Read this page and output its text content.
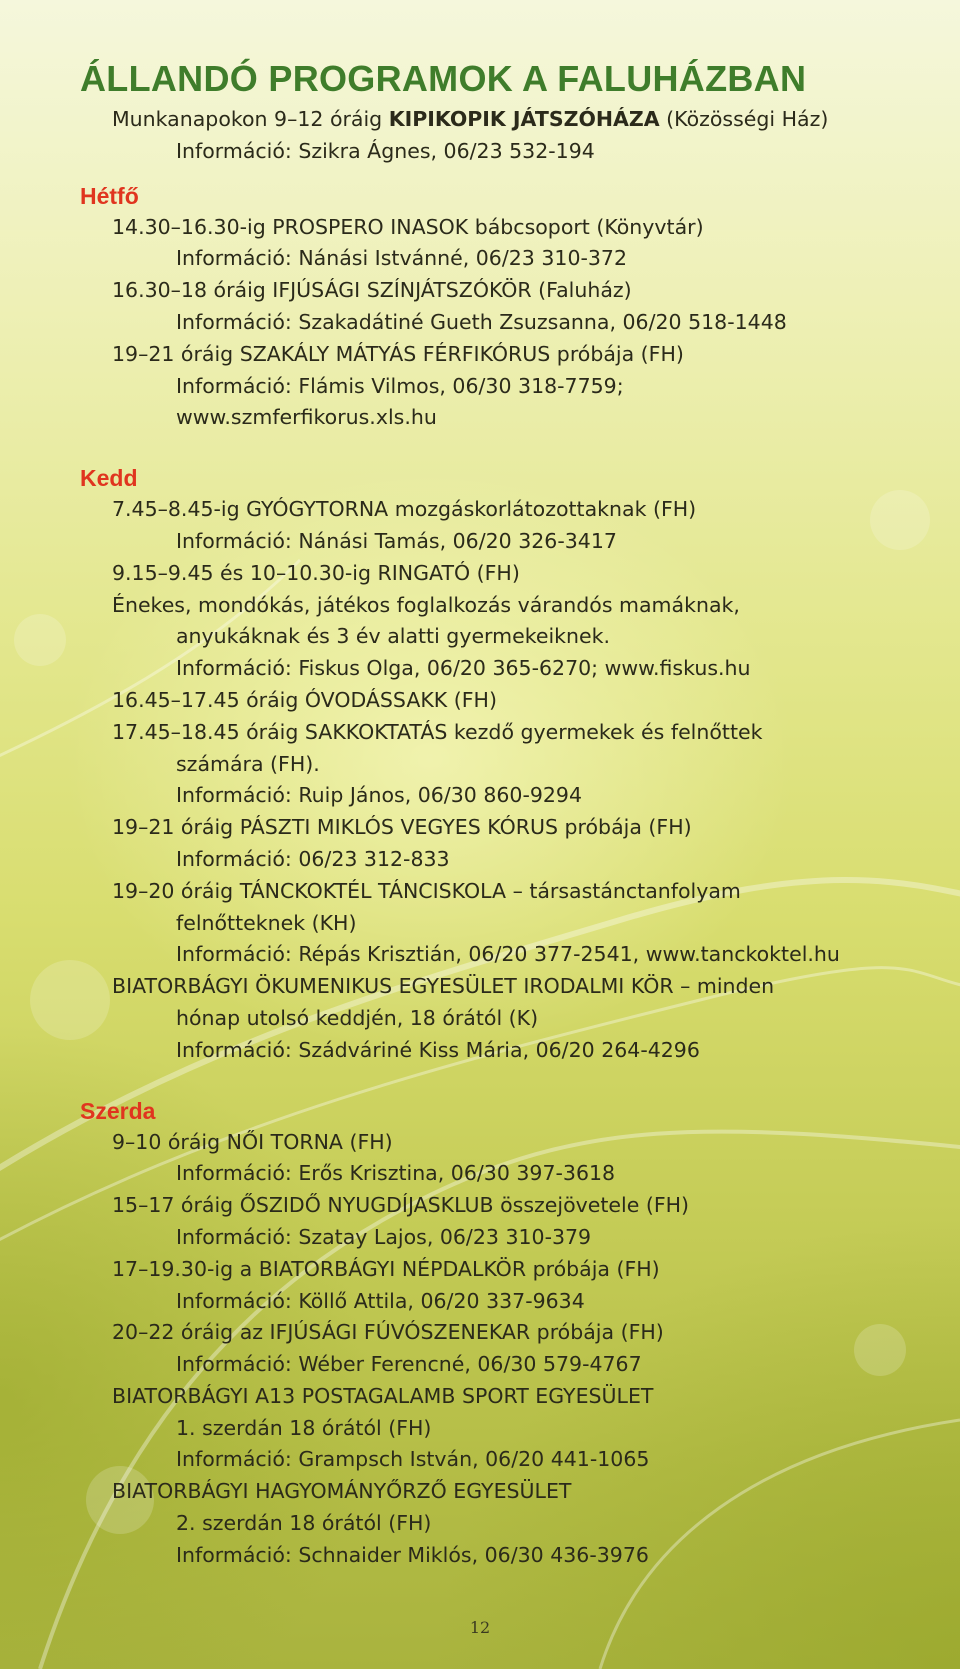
ÁLLANDÓ PROGRAMOK A FALUHÁZBAN
Munkanapokon 9–12 óráig KIPIKOPIK JÁTSZÓHÁZA (Közösségi Ház)
Információ: Szikra Ágnes, 06/23 532-194
Hétfő
14.30–16.30-ig PROSPERO INASOK bábcsoport (Könyvtár)
Információ: Nánási Istvánné, 06/23 310-372
16.30–18 óráig IFJÚSÁGI SZÍNJÁTSZÓKÖR (Faluház)
Információ: Szakadátiné Gueth Zsuzsanna, 06/20 518-1448
19–21 óráig SZAKÁLY MÁTYÁS FÉRFIKÓRUS próbája (FH)
Információ: Flámis Vilmos, 06/30 318-7759;
www.szmferfikorus.xls.hu
Kedd
7.45–8.45-ig GYÓGYTORNA mozgáskorlátozottaknak (FH)
Információ: Nánási Tamás, 06/20 326-3417
9.15–9.45 és 10–10.30-ig RINGATÓ (FH)
Énekes, mondókás, játékos foglalkozás várandós mamáknak,
anyukáknak és 3 év alatti gyermekeiknek.
Információ: Fiskus Olga, 06/20 365-6270; www.fiskus.hu
16.45–17.45 óráig ÓVODÁSSAKK (FH)
17.45–18.45 óráig SAKKOKTATÁS kezdő gyermekek és felnőttek
számára (FH).
Információ: Ruip János, 06/30 860-9294
19–21 óráig PÁSZTI MIKLÓS VEGYES KÓRUS próbája (FH)
Információ: 06/23 312-833
19–20 óráig TÁNCKOKTÉL TÁNCISKOLA – társastánctanfolyam
felnőtteknek (KH)
Információ: Répás Krisztián, 06/20 377-2541, www.tanckoktel.hu
BIATORBÁGYI ÖKUMENIKUS EGYESÜLET IRODALMI KÖR – minden
hónap utolsó keddjén, 18 órától (K)
Információ: Szádváriné Kiss Mária, 06/20 264-4296
Szerda
9–10 óráig NŐI TORNA (FH)
Információ: Erős Krisztina, 06/30 397-3618
15–17 óráig ŐSZIDŐ NYUGDÍJASKLUB összejövetele (FH)
Információ: Szatay Lajos, 06/23 310-379
17–19.30-ig a BIATORBÁGYI NÉPDALKÖR próbája (FH)
Információ: Köllő Attila, 06/20 337-9634
20–22 óráig az IFJÚSÁGI FÚVÓSZENEKAR próbája (FH)
Információ: Wéber Ferencné, 06/30 579-4767
BIATORBÁGYI A13 POSTAGALAMB SPORT EGYESÜLET
1. szerdán 18 órától (FH)
Információ: Grampsch István, 06/20 441-1065
BIATORBÁGYI HAGYOMÁNYŐRZŐ EGYESÜLET
2. szerdán 18 órától (FH)
Információ: Schnaider Miklós, 06/30 436-3976
12
